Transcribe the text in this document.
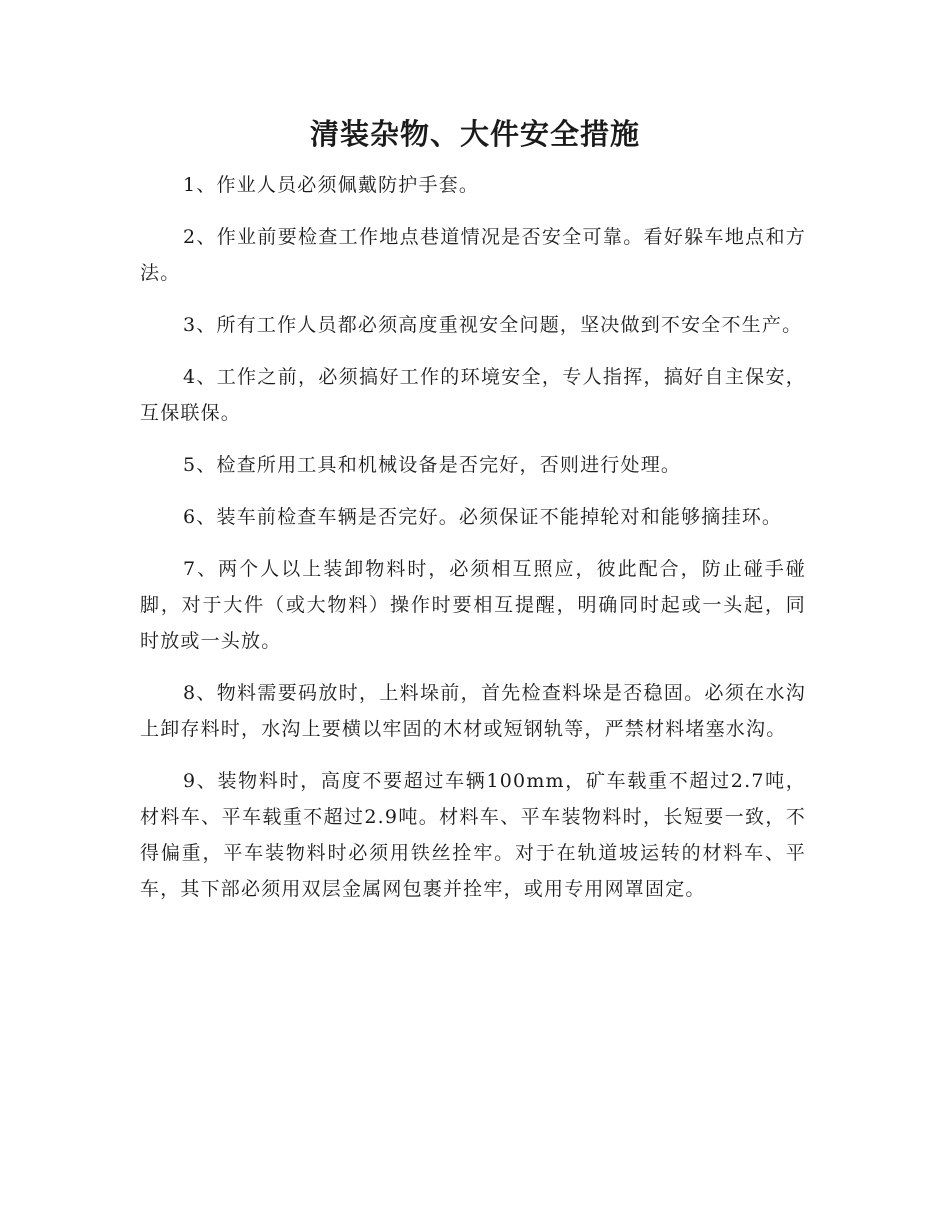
清装杂物、大件安全措施

1、作业人员必须佩戴防护手套。

2、作业前要检查工作地点巷道情况是否安全可靠。看好躲车地点和方法。

3、所有工作人员都必须高度重视安全问题，坚决做到不安全不生产。

4、工作之前，必须搞好工作的环境安全，专人指挥，搞好自主保安，互保联保。

5、检查所用工具和机械设备是否完好，否则进行处理。

6、装车前检查车辆是否完好。必须保证不能掉轮对和能够摘挂环。

7、两个人以上装卸物料时，必须相互照应，彼此配合，防止碰手碰脚，对于大件（或大物料）操作时要相互提醒，明确同时起或一头起，同时放或一头放。

8、物料需要码放时，上料垛前，首先检查料垛是否稳固。必须在水沟上卸存料时，水沟上要横以牢固的木材或短钢轨等，严禁材料堵塞水沟。

9、装物料时，高度不要超过车辆100mm，矿车载重不超过2.7吨，材料车、平车载重不超过2.9吨。材料车、平车装物料时，长短要一致，不得偏重，平车装物料时必须用铁丝拴牢。对于在轨道坡运转的材料车、平车，其下部必须用双层金属网包裹并拴牢，或用专用网罩固定。
